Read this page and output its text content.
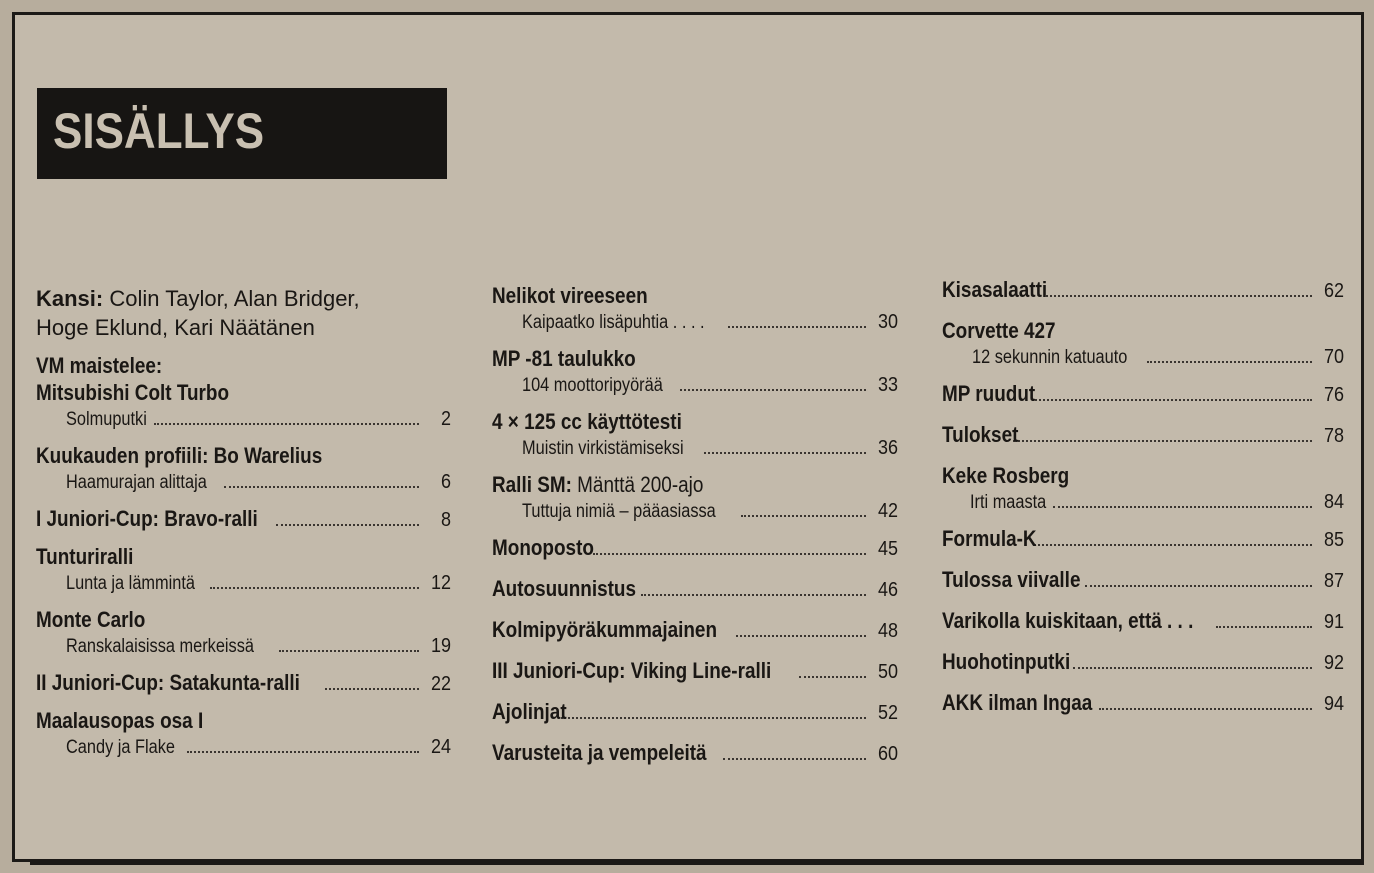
SISÄLLYS
Kansi: Colin Taylor, Alan Bridger,
Hoge Eklund, Kari Näätänen
VM maistelee:
Mitsubishi Colt Turbo
Solmuputki	2
Kuukauden profiili: Bo Warelius
Haamurajan alittaja	6
I Juniori-Cup: Bravo-ralli	8
Tunturiralli
Lunta ja lämmintä	12
Monte Carlo
Ranskalaisissa merkeissä	19
II Juniori-Cup: Satakunta-ralli	22
Maalausopas osa I
Candy ja Flake	24
Nelikot vireeseen
Kaipaatko lisäpuhtia . . . .	30
MP -81 taulukko
104 moottoripyörää	33
4 × 125 cc käyttötesti
Muistin virkistämiseksi	36
Ralli SM: Mänttä 200-ajo
Tuttuja nimiä – pääasiassa	42
Monoposto	45
Autosuunnistus	46
Kolmipyöräkummajainen	48
III Juniori-Cup: Viking Line-ralli	50
Ajolinjat	52
Varusteita ja vempeleitä	60
Kisasalaatti	62
Corvette 427
12 sekunnin katuauto	70
MP ruudut	76
Tulokset	78
Keke Rosberg
Irti maasta	84
Formula-K	85
Tulossa viivalle	87
Varikolla kuiskitaan, että . . .	91
Huohotinputki	92
AKK ilman Ingaa	94
